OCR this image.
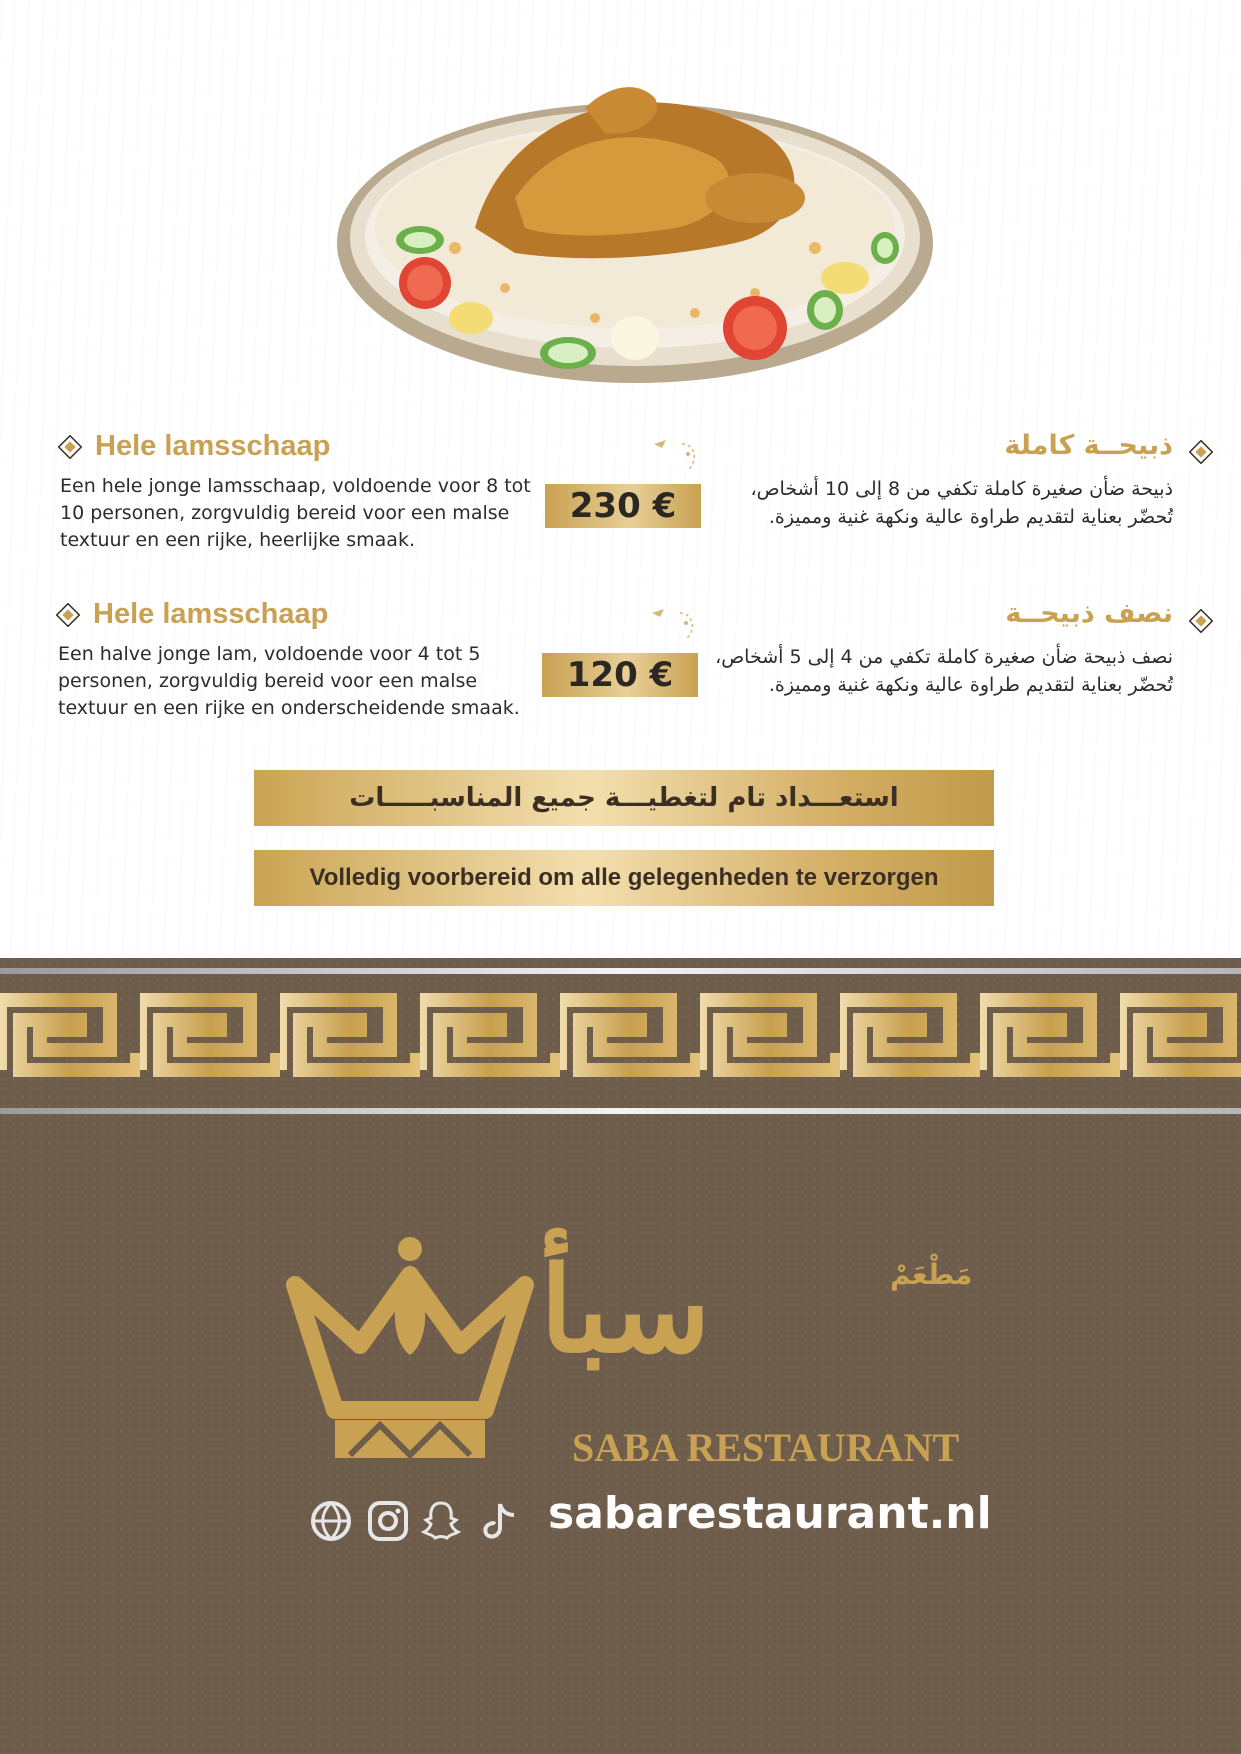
Hele lamsschaap
Een hele jonge lamsschaap, voldoende voor 8 tot 10 personen, zorgvuldig bereid voor een malse textuur en een rijke, heerlijke smaak.
230 €
ذبيحــة كاملة
ذبيحة ضأن صغيرة كاملة تكفي من 8 إلى 10 أشخاص، تُحضّر بعناية لتقديم طراوة عالية ونكهة غنية ومميزة.
Hele lamsschaap
Een halve jonge lam, voldoende voor 4 tot 5 personen, zorgvuldig bereid voor een malse textuur en een rijke en onderscheidende smaak.
120 €
نصف ذبيحــة
نصف ذبيحة ضأن صغيرة كاملة تكفي من 4 إلى 5 أشخاص، تُحضّر بعناية لتقديم طراوة عالية ونكهة غنية ومميزة.
استعـــداد تام لتغطيـــة جميع المناسبـــــات
Volledig voorbereid om alle gelegenheden te verzorgen
مَطْعَمْ
سبأ
SABA RESTAURANT
sabarestaurant.nl
